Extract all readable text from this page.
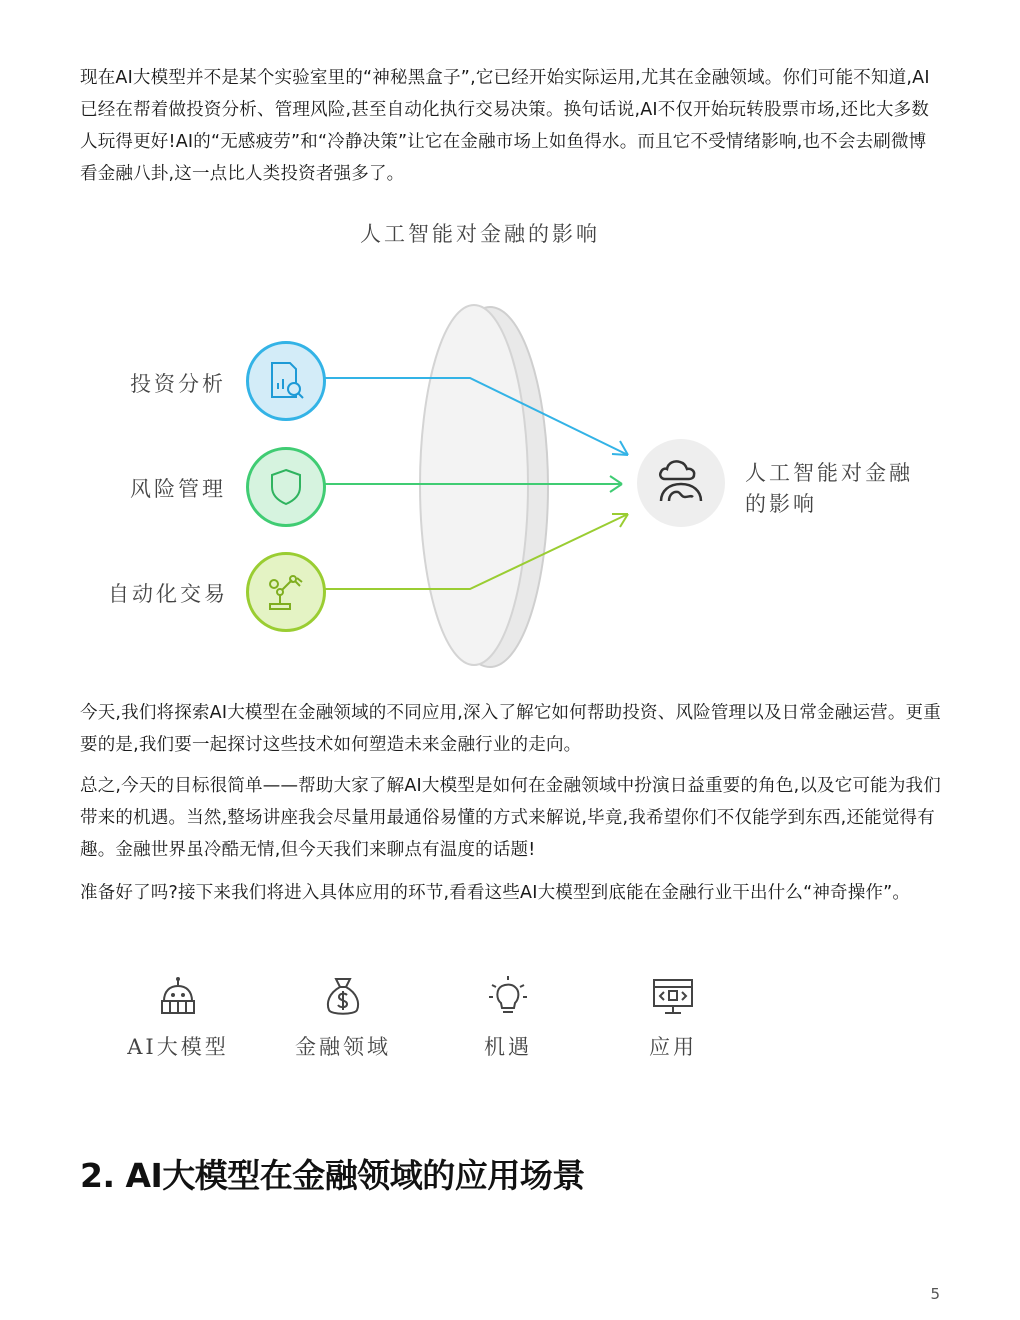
现在AI大模型并不是某个实验室里的“神秘黑盒子”,它已经开始实际运用,尤其在金融领域。你们可能不知道,AI已经在帮着做投资分析、管理风险,甚至自动化执行交易决策。换句话说,AI不仅开始玩转股票市场,还比大多数人玩得更好!AI的“无感疲劳”和“冷静决策”让它在金融市场上如鱼得水。而且它不受情绪影响,也不会去刷微博看金融八卦,这一点比人类投资者强多了。

人工智能对金融的影响
投资分析
风险管理
自动化交易
人工智能对金融
的影响

今天,我们将探索AI大模型在金融领域的不同应用,深入了解它如何帮助投资、风险管理以及日常金融运营。更重要的是,我们要一起探讨这些技术如何塑造未来金融行业的走向。

总之,今天的目标很简单——帮助大家了解AI大模型是如何在金融领域中扮演日益重要的角色,以及它可能为我们带来的机遇。当然,整场讲座我会尽量用最通俗易懂的方式来解说,毕竟,我希望你们不仅能学到东西,还能觉得有趣。金融世界虽冷酷无情,但今天我们来聊点有温度的话题!

准备好了吗?接下来我们将进入具体应用的环节,看看这些AI大模型到底能在金融行业干出什么“神奇操作”。

AI大模型	金融领域	机遇	应用
2. AI大模型在金融领域的应用场景
5
